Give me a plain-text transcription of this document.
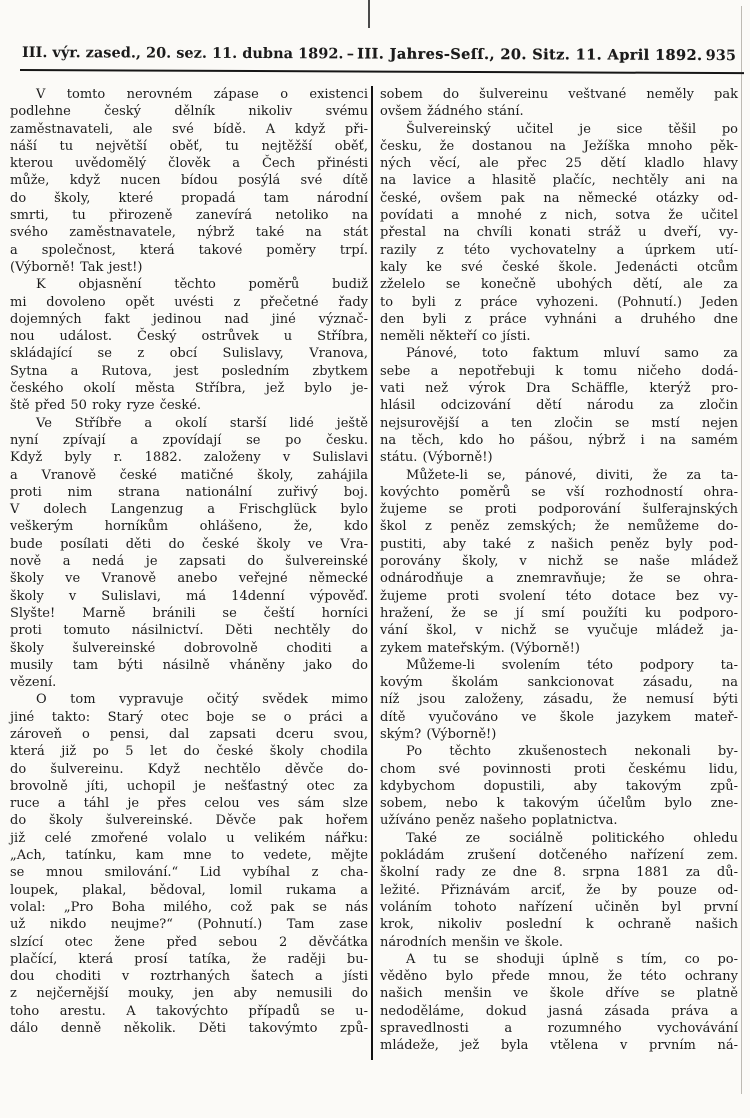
III. výr. zased., 20. sez. 11. dubna 1892. – III. Jahres-Seſſ., 20. Sitz. 11. April 1892. 935
V tomto nerovném zápase o existenci
podlehne český dělník nikoliv svému
zaměstnavateli, ale své bídě. A když při-
náší tu největší oběť, tu nejtěžší oběť,
kterou uvědomělý člověk a Čech přinésti
může, když nucen bídou posýlá své dítě
do školy, které propadá tam národní
smrti, tu přirozeně zanevírá netoliko na
svého zaměstnavatele, nýbrž také na stát
a společnost, která takové poměry trpí.
(Výborně! Tak jest!)
K objasnění těchto poměrů budiž
mi dovoleno opět uvésti z přečetné řady
dojemných fakt jedinou nad jiné význač-
nou událost. Český ostrůvek u Stříbra,
skládající se z obcí Sulislavy, Vranova,
Sytna a Rutova, jest posledním zbytkem
českého okolí města Stříbra, jež bylo je-
ště před 50 roky ryze české.
Ve Stříbře a okolí starší lidé ještě
nyní zpívají a zpovídají se po česku.
Když byly r. 1882. založeny v Sulislavi
a Vranově české matičné školy, zahájila
proti nim strana nationální zuřivý boj.
V dolech Langenzug a Frischglück bylo
veškerým horníkům ohlášeno, že, kdo
bude posílati děti do české školy ve Vra-
nově a nedá je zapsati do šulvereinské
školy ve Vranově anebo veřejné německé
školy v Sulislavi, má 14denní výpověď.
Slyšte! Marně bránili se čeští horníci
proti tomuto násilnictví. Děti nechtěly do
školy šulvereinské dobrovolně choditi a
musily tam býti násilně vháněny jako do
vězení.
O tom vypravuje očitý svědek mimo
jiné takto: Starý otec boje se o práci a
zároveň o pensi, dal zapsati dceru svou,
která již po 5 let do české školy chodila
do šulvereinu. Když nechtělo děvče do-
brovolně jíti, uchopil je nešťastný otec za
ruce a táhl je přes celou ves sám slze
do školy šulvereinské. Děvče pak hořem
již celé zmořené volalo u velikém nářku:
„Ach, tatínku, kam mne to vedete, mějte
se mnou smilování.“ Lid vybíhal z cha-
loupek, plakal, bědoval, lomil rukama a
volal: „Pro Boha milého, což pak se nás
už nikdo neujme?“ (Pohnutí.) Tam zase
slzící otec žene před sebou 2 děvčátka
plačící, která prosí tatíka, že raději bu-
dou choditi v roztrhaných šatech a jísti
z nejčernější mouky, jen aby nemusili do
toho arestu. A takovýchto případů se u-
dálo denně několik. Děti takovýmto způ-
sobem do šulvereinu veštvané neměly pak
ovšem žádného stání.
Šulvereinský učitel je sice těšil po
česku, že dostanou na Ježíška mnoho pěk-
ných věcí, ale přec 25 dětí kladlo hlavy
na lavice a hlasitě plačíc, nechtěly ani na
české, ovšem pak na německé otázky od-
povídati a mnohé z nich, sotva že učitel
přestal na chvíli konati stráž u dveří, vy-
razily z této vychovatelny a úprkem utí-
kaly ke své české škole. Jedenácti otcům
zželelo se konečně ubohých dětí, ale za
to byli z práce vyhozeni. (Pohnutí.) Jeden
den byli z práce vyhnáni a druhého dne
neměli někteří co jísti.
Pánové, toto faktum mluví samo za
sebe a nepotřebuji k tomu ničeho dodá-
vati než výrok Dra Schäffle, kterýž pro-
hlásil odcizování dětí národu za zločin
nejsurovější a ten zločin se mstí nejen
na těch, kdo ho pášou, nýbrž i na samém
státu. (Výborně!)
Můžete-li se, pánové, diviti, že za ta-
kovýchto poměrů se vší rozhodností ohra-
žujeme se proti podporování šulferajnských
škol z peněz zemských; že nemůžeme do-
pustiti, aby také z našich peněz byly pod-
porovány školy, v nichž se naše mládež
odnárodňuje a znemravňuje; že se ohra-
žujeme proti svolení této dotace bez vy-
hražení, že se jí smí použíti ku podporo-
vání škol, v nichž se vyučuje mládež ja-
zykem mateřským. (Výborně!)
Můžeme-li svolením této podpory ta-
kovým školám sankcionovat zásadu, na
níž jsou založeny, zásadu, že nemusí býti
dítě vyučováno ve škole jazykem mateř-
ským? (Výborně!)
Po těchto zkušenostech nekonali by-
chom své povinnosti proti českému lidu,
kdybychom dopustili, aby takovým způ-
sobem, nebo k takovým účelům bylo zne-
užíváno peněz našeho poplatnictva.
Také ze sociálně politického ohledu
pokládám zrušení dotčeného nařízení zem.
školní rady ze dne 8. srpna 1881 za dů-
ležité. Přiznávám arciť, že by pouze od-
voláním tohoto nařízení učiněn byl první
krok, nikoliv poslední k ochraně našich
národních menšin ve škole.
A tu se shoduji úplně s tím, co po-
věděno bylo přede mnou, že této ochrany
našich menšin ve škole dříve se platně
nedoděláme, dokud jasná zásada práva a
spravedlnosti a rozumného vychovávání
mládeže, jež byla vtělena v prvním ná-
